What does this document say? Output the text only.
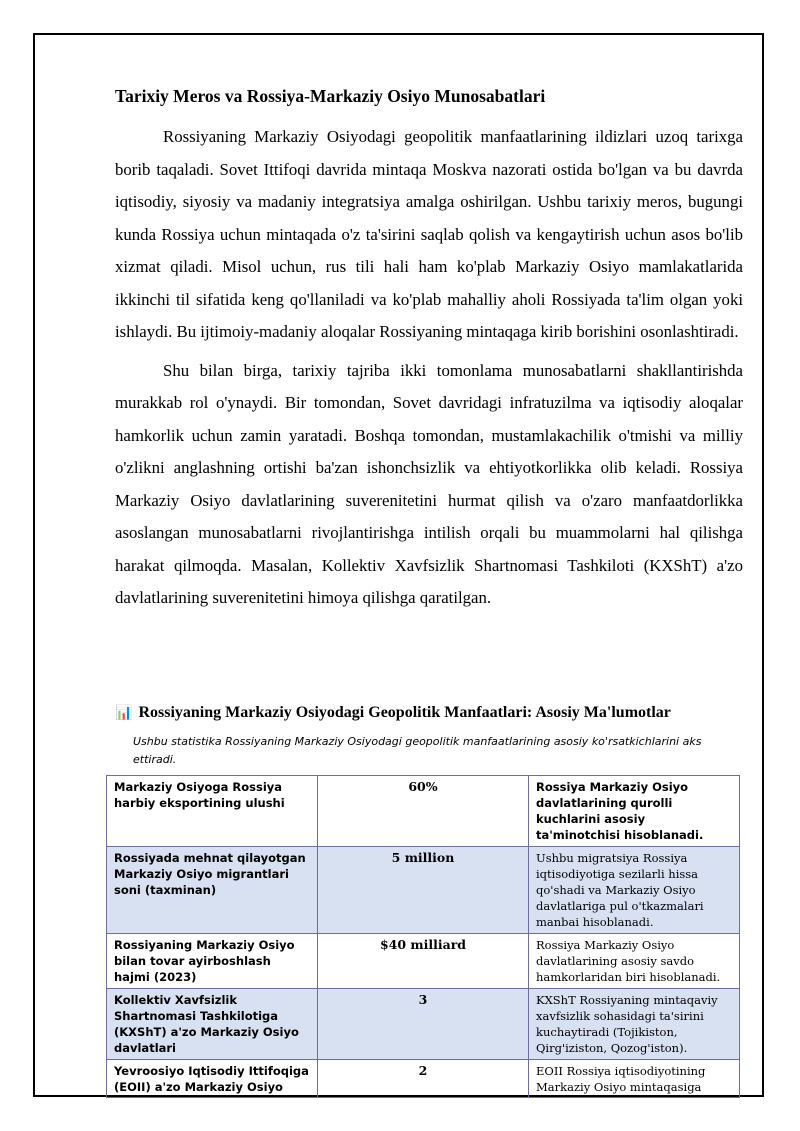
Tarixiy Meros va Rossiya-Markaziy Osiyo Munosabatlari

Rossiyaning Markaziy Osiyodagi geopolitik manfaatlarining ildizlari uzoq tarixga borib taqaladi. Sovet Ittifoqi davrida mintaqa Moskva nazorati ostida bo'lgan va bu davrda iqtisodiy, siyosiy va madaniy integratsiya amalga oshirilgan. Ushbu tarixiy meros, bugungi kunda Rossiya uchun mintaqada o'z ta'sirini saqlab qolish va kengaytirish uchun asos bo'lib xizmat qiladi. Misol uchun, rus tili hali ham ko'plab Markaziy Osiyo mamlakatlarida ikkinchi til sifatida keng qo'llaniladi va ko'plab mahalliy aholi Rossiyada ta'lim olgan yoki ishlaydi. Bu ijtimoiy-madaniy aloqalar Rossiyaning mintaqaga kirib borishini osonlashtiradi.

Shu bilan birga, tarixiy tajriba ikki tomonlama munosabatlarni shakllantirishda murakkab rol o'ynaydi. Bir tomondan, Sovet davridagi infratuzilma va iqtisodiy aloqalar hamkorlik uchun zamin yaratadi. Boshqa tomondan, mustamlakachilik o'tmishi va milliy o'zlikni anglashning ortishi ba'zan ishonchsizlik va ehtiyotkorlikka olib keladi. Rossiya Markaziy Osiyo davlatlarining suverenitetini hurmat qilish va o'zaro manfaatdorlikka asoslangan munosabatlarni rivojlantirishga intilish orqali bu muammolarni hal qilishga harakat qilmoqda. Masalan, Kollektiv Xavfsizlik Shartnomasi Tashkiloti (KXShT) a'zo davlatlarining suverenitetini himoya qilishga qaratilgan.

📊 Rossiyaning Markaziy Osiyodagi Geopolitik Manfaatlari: Asosiy Ma'lumotlar
Ushbu statistika Rossiyaning Markaziy Osiyodagi geopolitik manfaatlarining asosiy ko'rsatkichlarini aks ettiradi.
Markaziy Osiyoga Rossiya harbiy eksportining ulushi	60%	Rossiya Markaziy Osiyo davlatlarining qurolli kuchlarini asosiy ta'minotchisi hisoblanadi.
Rossiyada mehnat qilayotgan Markaziy Osiyo migrantlari soni (taxminan)	5 million	Ushbu migratsiya Rossiya iqtisodiyotiga sezilarli hissa qo'shadi va Markaziy Osiyo davlatlariga pul o'tkazmalari manbai hisoblanadi.
Rossiyaning Markaziy Osiyo bilan tovar ayirboshlash hajmi (2023)	$40 milliard	Rossiya Markaziy Osiyo davlatlarining asosiy savdo hamkorlaridan biri hisoblanadi.
Kollektiv Xavfsizlik Shartnomasi Tashkilotiga (KXShT) a'zo Markaziy Osiyo davlatlari	3	KXShT Rossiyaning mintaqaviy xavfsizlik sohasidagi ta'sirini kuchaytiradi (Tojikiston, Qirg'iziston, Qozog'iston).

Yevroosiyo Iqtisodiy Ittifoqiga (EOII) a'zo Markaziy Osiyo	2	EOII Rossiya iqtisodiyotining Markaziy Osiyo mintaqasiga
